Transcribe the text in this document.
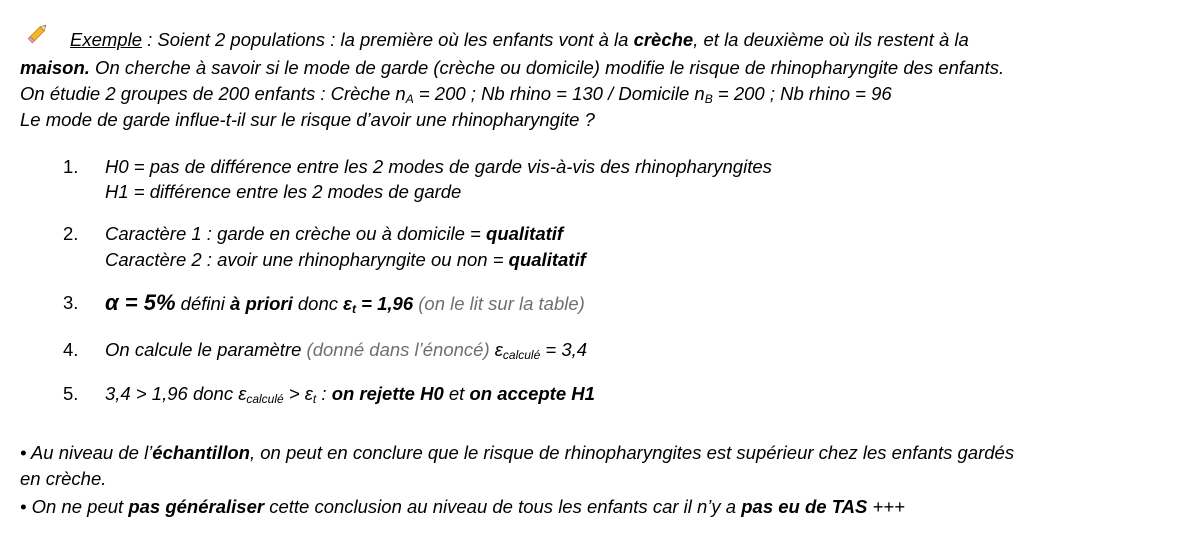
Exemple : Soient 2 populations : la première où les enfants vont à la crèche, et la deuxième où ils restent à la
maison. On cherche à savoir si le mode de garde (crèche ou domicile) modifie le risque de rhinopharyngite des enfants.
On étudie 2 groupes de 200 enfants : Crèche $n_A = 200$ ; Nb rhino = 130 / Domicile $n_B = 200$ ; Nb rhino = 96
Le mode de garde influe-t-il sur le risque d’avoir une rhinopharyngite ?
1. H0 = pas de différence entre les 2 modes de garde vis-à-vis des rhinopharyngites
H1 = différence entre les 2 modes de garde
2. Caractère 1 : garde en crèche ou à domicile = qualitatif
Caractère 2 : avoir une rhinopharyngite ou non = qualitatif
3. α = 5% défini à priori donc $\varepsilon_t = 1,96$ (on le lit sur la table)
4. On calcule le paramètre (donné dans l’énoncé) $\varepsilon_{calculé} = 3,4$
5. 3,4 > 1,96 donc $\varepsilon_{calculé} > \varepsilon_t$ : on rejette H0 et on accepte H1
• Au niveau de l’échantillon, on peut en conclure que le risque de rhinopharyngites est supérieur chez les enfants gardés
en crèche.
• On ne peut pas généraliser cette conclusion au niveau de tous les enfants car il n’y a pas eu de TAS +++
